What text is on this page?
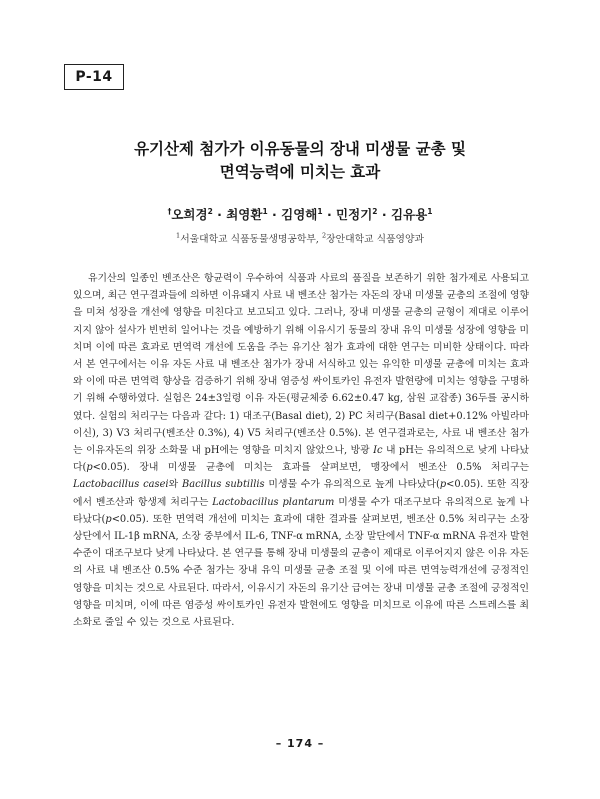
P-14
유기산제 첨가가 이유동물의 장내 미생물 균총 및
면역능력에 미치는 효과
†오희경$^2$ · 최영환$^1$ · 김영해$^1$ · 민정기$^2$ · 김유용$^1$
$^1$서울대학교 식품동물생명공학부, $^2$장안대학교 식품영양과
유기산의 일종인 벤조산은 항균력이 우수하여 식품과 사료의 품질을 보존하기 위한 첨가제로 사용되고 있으며, 최근 연구결과들에 의하면 이유돼지 사료 내 벤조산 첨가는 자돈의 장내 미생물 균총의 조절에 영향을 미쳐 성장을 개선에 영향을 미친다고 보고되고 있다. 그러나, 장내 미생물 균총의 균형이 제대로 이루어지지 않아 설사가 빈번히 일어나는 것을 예방하기 위해 이유시기 동물의 장내 유익 미생물 성장에 영향을 미치며 이에 따른 효과로 면역력 개선에 도움을 주는 유기산 첨가 효과에 대한 연구는 미비한 상태이다. 따라서 본 연구에서는 이유 자돈 사료 내 벤조산 첨가가 장내 서식하고 있는 유익한 미생물 균총에 미치는 효과와 이에 따른 면역력 향상을 검증하기 위해 장내 염증성 싸이토카인 유전자 발현량에 미치는 영향을 구명하기 위해 수행하였다. 실험은 24±3일령 이유 자돈(평균체중 6.62±0.47 kg, 삼원 교잡종) 36두를 공시하였다. 실험의 처리구는 다음과 같다: 1) 대조구(Basal diet), 2) PC 처리구(Basal diet+0.12% 아빌라마이신), 3) V3 처리구(벤조산 0.3%), 4) V5 처리구(벤조산 0.5%). 본 연구결과로는, 사료 내 벤조산 첨가는 이유자돈의 위장 소화물 내 pH에는 영향을 미치지 않았으나, 방광 Ic 내 pH는 유의적으로 낮게 나타났다(p<0.05). 장내 미생물 균총에 미치는 효과를 살펴보면, 맹장에서 벤조산 0.5% 처리구는 Lactobacillus casei와 Bacillus subtillis 미생물 수가 유의적으로 높게 나타났다(p<0.05). 또한 직장에서 벤조산과 항생제 처리구는 Lactobacillus plantarum 미생물 수가 대조구보다 유의적으로 높게 나타났다(p<0.05). 또한 면역력 개선에 미치는 효과에 대한 결과를 살펴보면, 벤조산 0.5% 처리구는 소장 상단에서 IL-1β mRNA, 소장 중부에서 IL-6, TNF-α mRNA, 소장 말단에서 TNF-α mRNA 유전자 발현 수준이 대조구보다 낮게 나타났다. 본 연구를 통해 장내 미생물의 균총이 제대로 이루어지지 않은 이유 자돈의 사료 내 벤조산 0.5% 수준 첨가는 장내 유익 미생물 균총 조절 및 이에 따른 면역능력개선에 긍정적인 영향을 미치는 것으로 사료된다. 따라서, 이유시기 자돈의 유기산 급여는 장내 미생물 균총 조절에 긍정적인 영향을 미치며, 이에 따른 염증성 싸이토카인 유전자 발현에도 영향을 미치므로 이유에 따른 스트레스를 최소화로 줄일 수 있는 것으로 사료된다.
– 174 –
